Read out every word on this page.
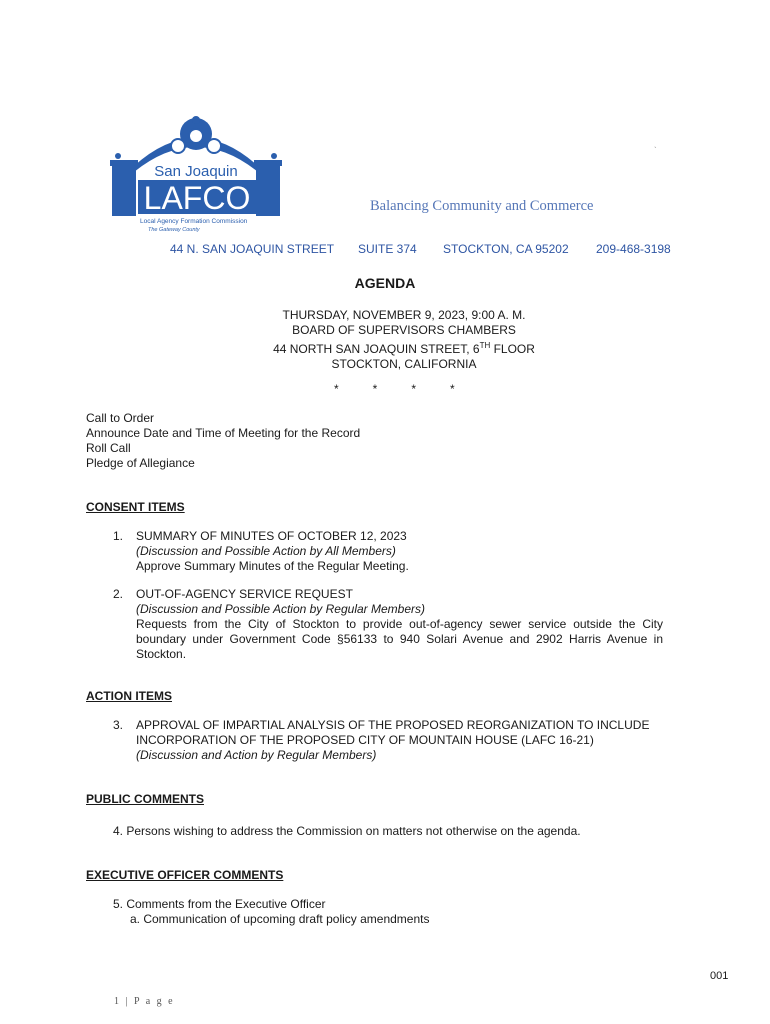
San Joaquin
LAFCO
Local Agency Formation Commission
The Gateway County
`
Balancing Community and Commerce
44 N. SAN JOAQUIN STREET SUITE 374 STOCKTON, CA 95202 209-468-3198
AGENDA
THURSDAY, NOVEMBER 9, 2023, 9:00 A. M.
BOARD OF SUPERVISORS CHAMBERS
44 NORTH SAN JOAQUIN STREET, 6TH FLOOR
STOCKTON, CALIFORNIA
*	*	*	*
Call to Order
Announce Date and Time of Meeting for the Record
Roll Call
Pledge of Allegiance
CONSENT ITEMS
1. SUMMARY OF MINUTES OF OCTOBER 12, 2023
(Discussion and Possible Action by All Members)
Approve Summary Minutes of the Regular Meeting.
2. OUT-OF-AGENCY SERVICE REQUEST
(Discussion and Possible Action by Regular Members)
Requests from the City of Stockton to provide out-of-agency sewer service outside the City boundary under Government Code §56133 to 940 Solari Avenue and 2902 Harris Avenue in Stockton.
ACTION ITEMS
3. APPROVAL OF IMPARTIAL ANALYSIS OF THE PROPOSED REORGANIZATION TO INCLUDE
INCORPORATION OF THE PROPOSED CITY OF MOUNTAIN HOUSE (LAFC 16-21)
(Discussion and Action by Regular Members)
PUBLIC COMMENTS
4. Persons wishing to address the Commission on matters not otherwise on the agenda.
EXECUTIVE OFFICER COMMENTS
5. Comments from the Executive Officer
a. Communication of upcoming draft policy amendments
001
1 | P a g e
